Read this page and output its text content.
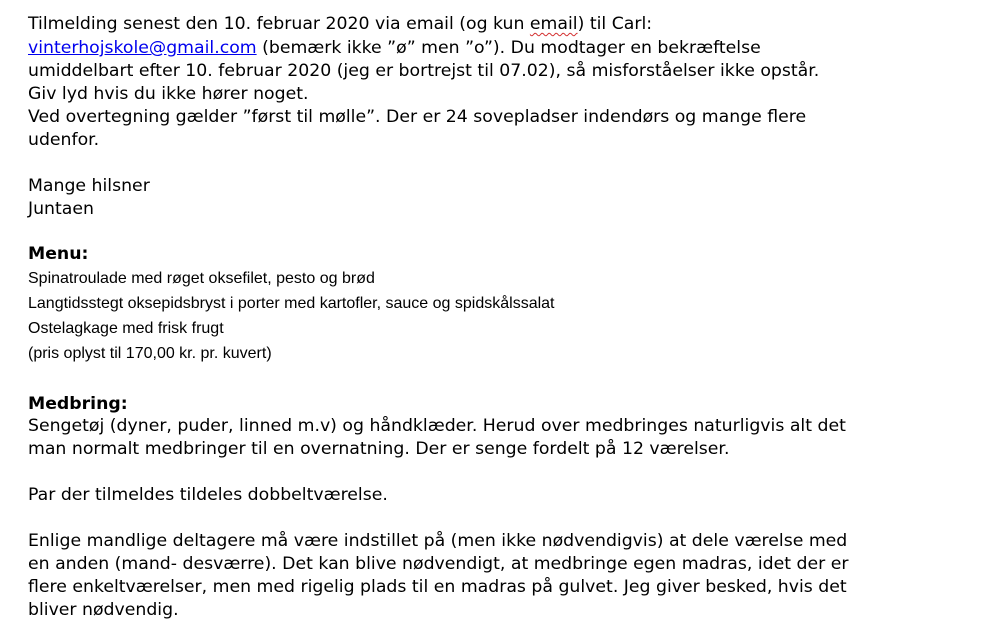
Tilmelding senest den 10. februar 2020 via email (og kun email) til Carl:
vinterhojskole@gmail.com (bemærk ikke ”ø” men ”o”). Du modtager en bekræftelse
umiddelbart efter 10. februar 2020 (jeg er bortrejst til 07.02), så misforståelser ikke opstår.
Giv lyd hvis du ikke hører noget.
Ved overtegning gælder ”først til mølle”. Der er 24 sovepladser indendørs og mange flere
udenfor.
Mange hilsner
Juntaen
Menu:
Spinatroulade med røget oksefilet, pesto og brød
Langtidsstegt oksepidsbryst i porter med kartofler, sauce og spidskålssalat
Ostelagkage med frisk frugt
(pris oplyst til 170,00 kr. pr. kuvert)
Medbring:
Sengetøj (dyner, puder, linned m.v) og håndklæder. Herud over medbringes naturligvis alt det
man normalt medbringer til en overnatning. Der er senge fordelt på 12 værelser.
Par der tilmeldes tildeles dobbeltværelse.
Enlige mandlige deltagere må være indstillet på (men ikke nødvendigvis) at dele værelse med
en anden (mand- desværre). Det kan blive nødvendigt, at medbringe egen madras, idet der er
flere enkeltværelser, men med rigelig plads til en madras på gulvet. Jeg giver besked, hvis det
bliver nødvendig.
